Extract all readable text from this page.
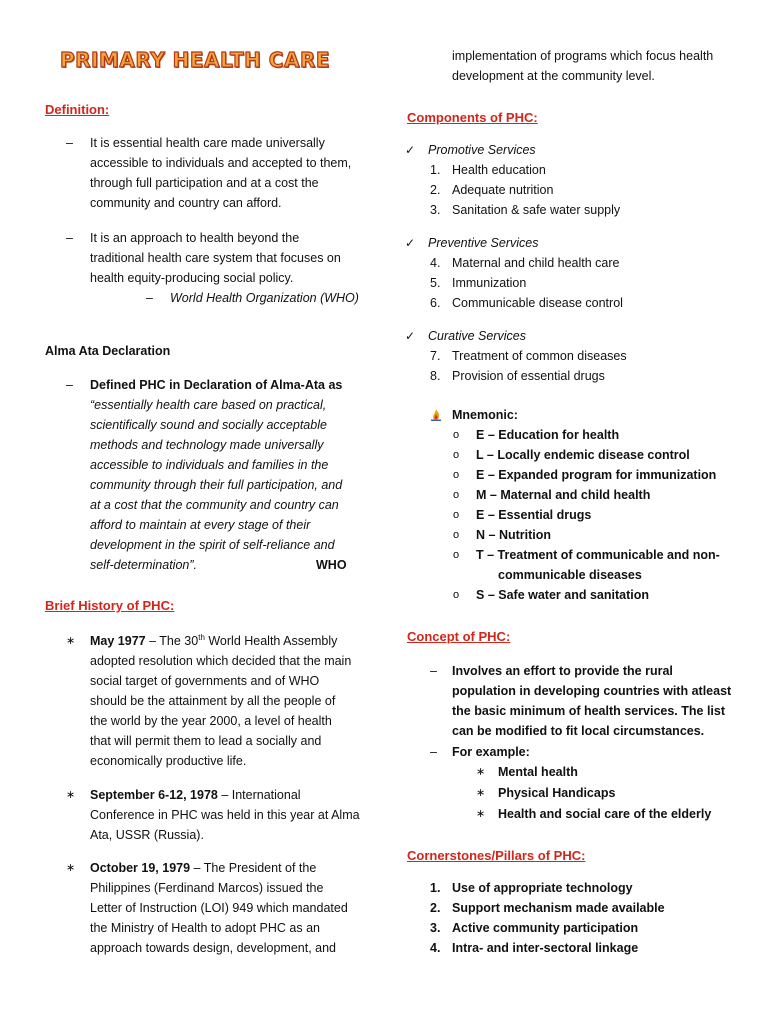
PRIMARY HEALTH CARE
Definition:
– It is essential health care made universally
accessible to individuals and accepted to them,
through full participation and at a cost the
community and country can afford.
– It is an approach to health beyond the
traditional health care system that focuses on
health equity-producing social policy.
– World Health Organization (WHO)
Alma Ata Declaration
– Defined PHC in Declaration of Alma-Ata as
“essentially health care based on practical,
scientifically sound and socially acceptable
methods and technology made universally
accessible to individuals and families in the
community through their full participation, and
at a cost that the community and country can
afford to maintain at every stage of their
development in the spirit of self-reliance and
self-determination”.	WHO
Brief History of PHC:
∗ May 1977 – The 30th World Health Assembly
adopted resolution which decided that the main
social target of governments and of WHO
should be the attainment by all the people of
the world by the year 2000, a level of health
that will permit them to lead a socially and
economically productive life.
∗ September 6-12, 1978 – International
Conference in PHC was held in this year at Alma
Ata, USSR (Russia).
∗ October 19, 1979 – The President of the
Philippines (Ferdinand Marcos) issued the
Letter of Instruction (LOI) 949 which mandated
the Ministry of Health to adopt PHC as an
approach towards design, development, and
implementation of programs which focus health
development at the community level.
Components of PHC:
✓ Promotive Services
1. Health education
2. Adequate nutrition
3. Sanitation & safe water supply
✓ Preventive Services
4. Maternal and child health care
5. Immunization
6. Communicable disease control
✓ Curative Services
7. Treatment of common diseases
8. Provision of essential drugs
Mnemonic:
o E – Education for health
o L – Locally endemic disease control
o E – Expanded program for immunization
o M – Maternal and child health
o E – Essential drugs
o N – Nutrition
o T – Treatment of communicable and non-
communicable diseases
o S – Safe water and sanitation
Concept of PHC:
– Involves an effort to provide the rural
population in developing countries with atleast
the basic minimum of health services. The list
can be modified to fit local circumstances.
– For example:
∗ Mental health
∗ Physical Handicaps
∗ Health and social care of the elderly
Cornerstones/Pillars of PHC:
1. Use of appropriate technology
2. Support mechanism made available
3. Active community participation
4. Intra- and inter-sectoral linkage
